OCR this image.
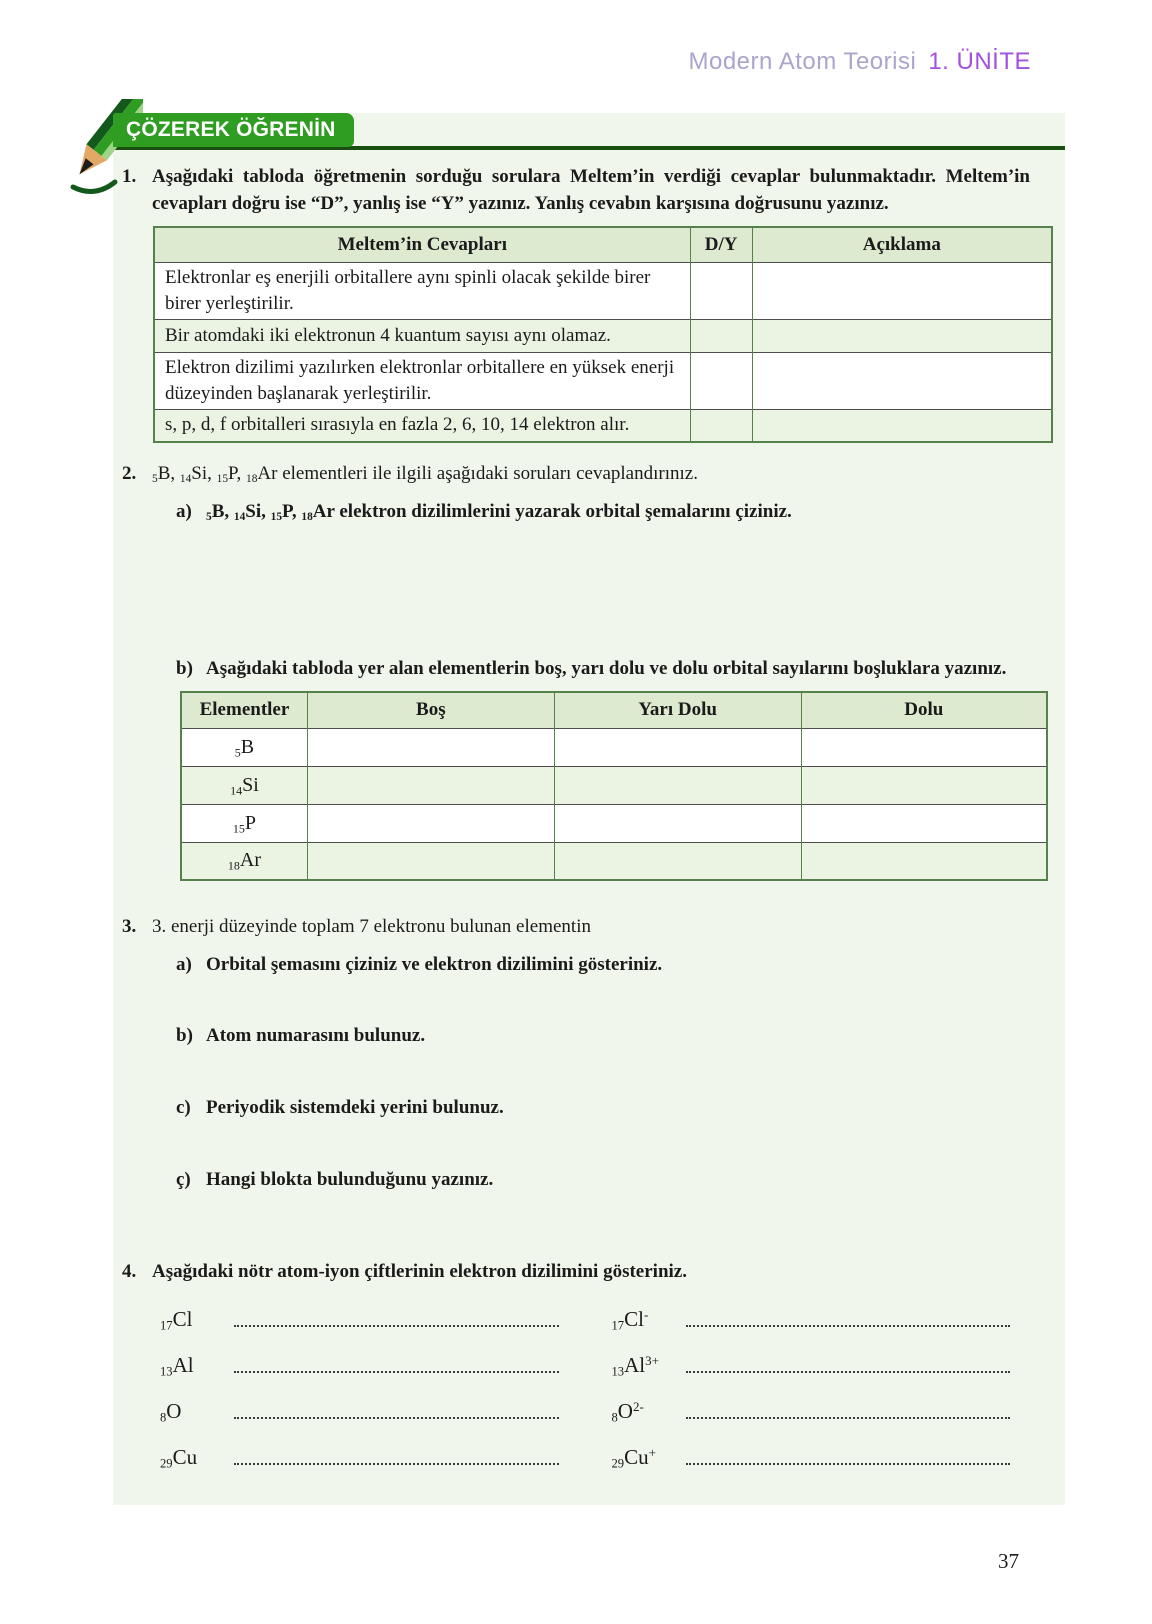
Modern Atom Teorisi 1. ÜNİTE
ÇÖZEREK ÖĞRENİN
1. Aşağıdaki tabloda öğretmenin sorduğu sorulara Meltem’in verdiği cevaplar bulunmaktadır. Meltem’in cevapları doğru ise “D”, yanlış ise “Y” yazınız. Yanlış cevabın karşısına doğrusunu yazınız.
Meltem’in Cevapları	D/Y	Açıklama
Elektronlar eş enerjili orbitallere aynı spinli olacak şekilde birer birer yerleştirilir.		
Bir atomdaki iki elektronun 4 kuantum sayısı aynı olamaz.		
Elektron dizilimi yazılırken elektronlar orbitallere en yüksek enerji düzeyinden başlanarak yerleştirilir.		
s, p, d, f orbitalleri sırasıyla en fazla 2, 6, 10, 14 elektron alır.		
2.	$_5$B, $_{14}$Si, $_{15}$P, $_{18}$Ar elementleri ile ilgili aşağıdaki soruları cevaplandırınız.
a)	$_5$B, $_{14}$Si, $_{15}$P, $_{18}$Ar elektron dizilimlerini yazarak orbital şemalarını çiziniz.
b) Aşağıdaki tabloda yer alan elementlerin boş, yarı dolu ve dolu orbital sayılarını boşluklara yazınız.
Elementler	Boş	Yarı Dolu	Dolu
$_5$B			
$_{14}$Si			
$_{15}$P			
$_{18}$Ar			
3. 3. enerji düzeyinde toplam 7 elektronu bulunan elementin
a) Orbital şemasını çiziniz ve elektron dizilimini gösteriniz.
b) Atom numarasını bulunuz.
c) Periyodik sistemdeki yerini bulunuz.
ç) Hangi blokta bulunduğunu yazınız.
4. Aşağıdaki nötr atom-iyon çiftlerinin elektron dizilimini gösteriniz.
$_{17}$Cl	$_{17}$Cl-
$_{13}$Al	$_{13}Al^{3+}$
$_8$O	$_8O^{2-}$
$_{29}$Cu	$_{29}$Cu+
37
